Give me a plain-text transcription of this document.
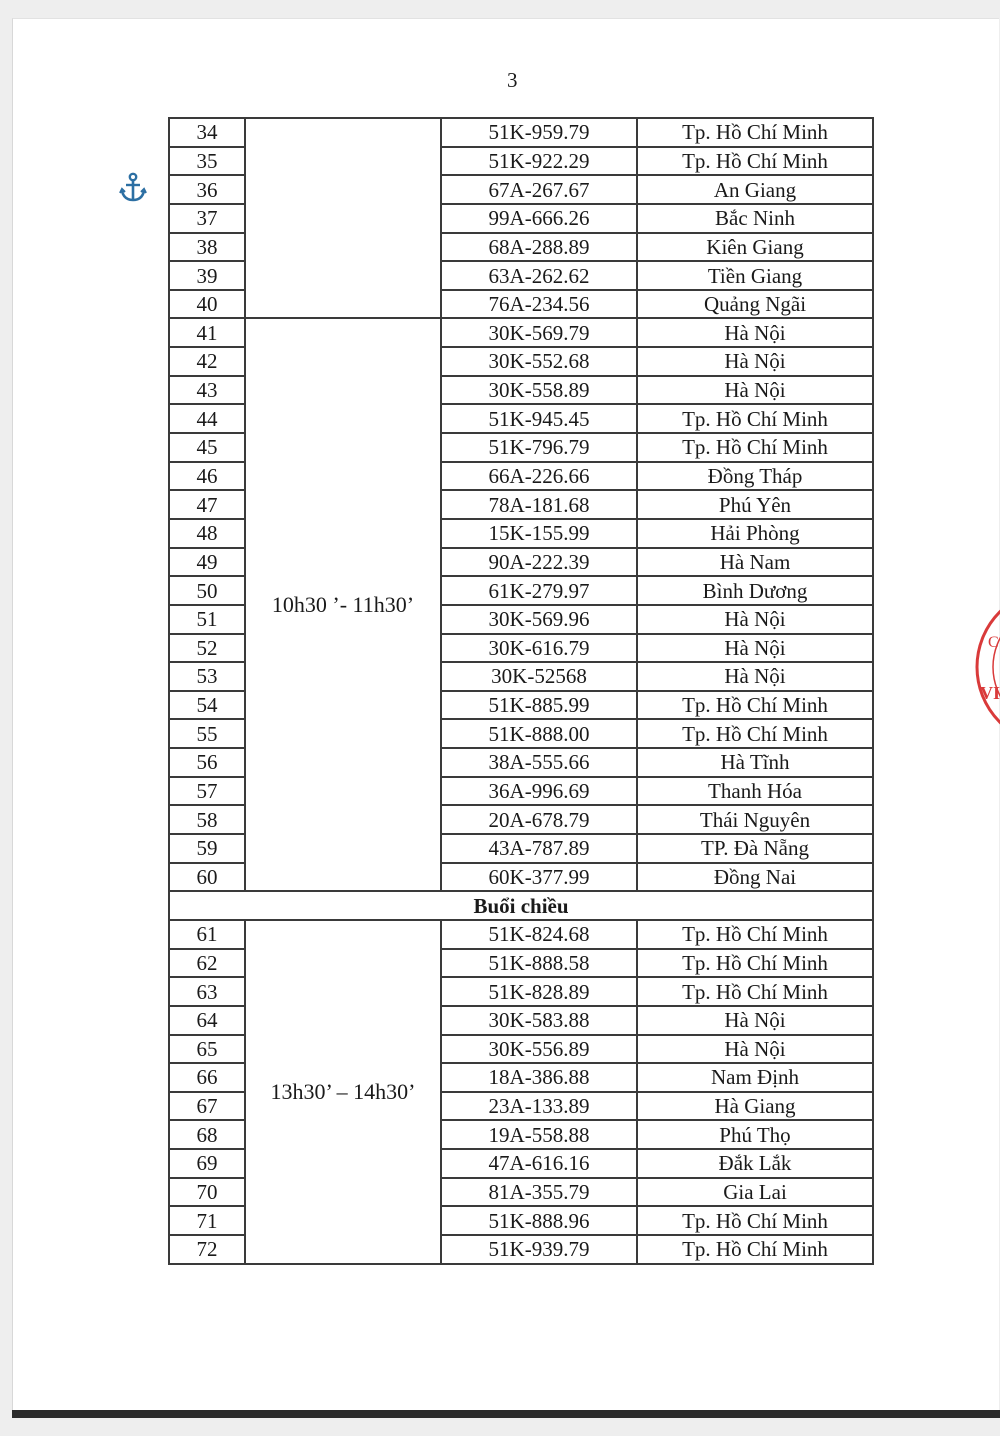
3
C
VI
34		51K-959.79	Tp. Hồ Chí Minh
35		51K-922.29	Tp. Hồ Chí Minh
36		67A-267.67	An Giang
37		99A-666.26	Bắc Ninh
38		68A-288.89	Kiên Giang
39		63A-262.62	Tiền Giang
40		76A-234.56	Quảng Ngãi
41	10h30 ’- 11h30’	30K-569.79	Hà Nội
42		30K-552.68	Hà Nội
43		30K-558.89	Hà Nội
44		51K-945.45	Tp. Hồ Chí Minh
45		51K-796.79	Tp. Hồ Chí Minh
46		66A-226.66	Đồng Tháp
47		78A-181.68	Phú Yên
48		15K-155.99	Hải Phòng
49		90A-222.39	Hà Nam
50		61K-279.97	Bình Dương
51		30K-569.96	Hà Nội
52		30K-616.79	Hà Nội
53		30K-52568	Hà Nội
54		51K-885.99	Tp. Hồ Chí Minh
55		51K-888.00	Tp. Hồ Chí Minh
56		38A-555.66	Hà Tĩnh
57		36A-996.69	Thanh Hóa
58		20A-678.79	Thái Nguyên
59		43A-787.89	TP. Đà Nẵng
60		60K-377.99	Đồng Nai
Buổi chiều			
61	13h30’ – 14h30’	51K-824.68	Tp. Hồ Chí Minh
62		51K-888.58	Tp. Hồ Chí Minh
63		51K-828.89	Tp. Hồ Chí Minh
64		30K-583.88	Hà Nội
65		30K-556.89	Hà Nội
66		18A-386.88	Nam Định
67		23A-133.89	Hà Giang
68		19A-558.88	Phú Thọ
69		47A-616.16	Đắk Lắk
70		81A-355.79	Gia Lai
71		51K-888.96	Tp. Hồ Chí Minh
72		51K-939.79	Tp. Hồ Chí Minh
